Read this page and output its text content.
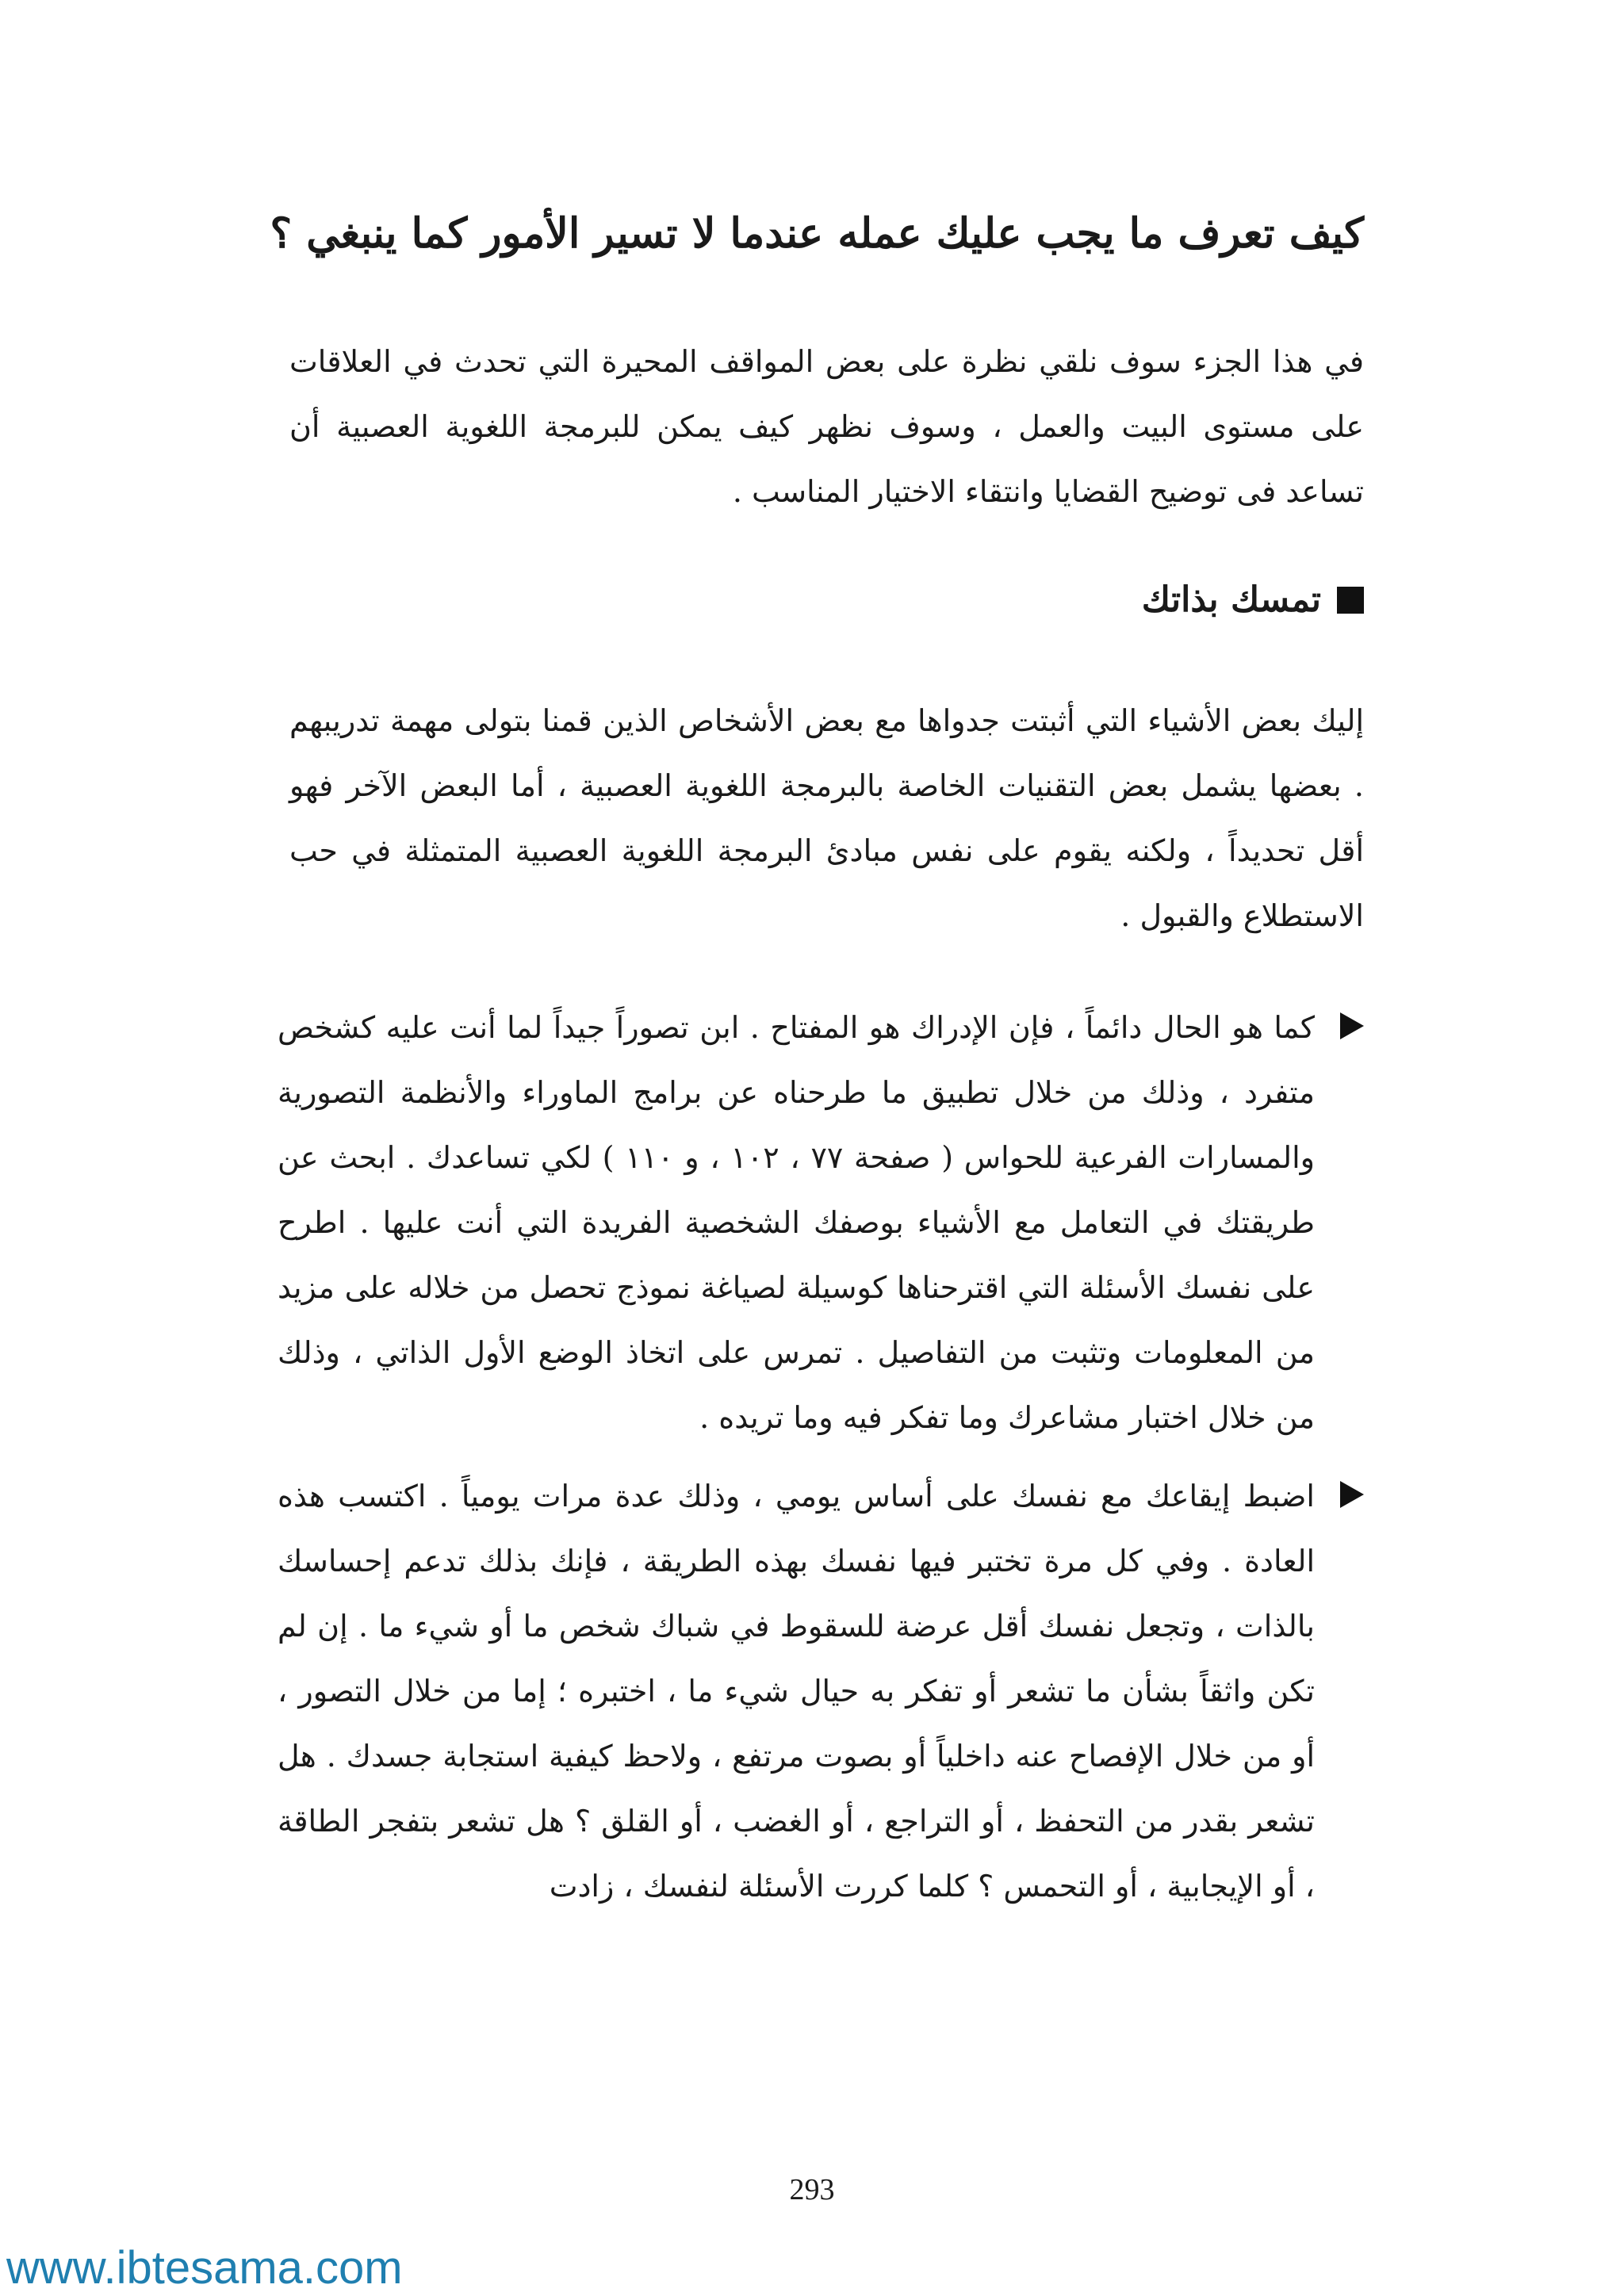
كيف تعرف ما يجب عليك عمله عندما لا تسير الأمور كما ينبغي ؟
في هذا الجزء سوف نلقي نظرة على بعض المواقف المحيرة التي تحدث في العلاقات على مستوى البيت والعمل ، وسوف نظهر كيف يمكن للبرمجة اللغوية العصبية أن تساعد فى توضيح القضايا وانتقاء الاختيار المناسب .
تمسك بذاتك
إليك بعض الأشياء التي أثبتت جدواها مع بعض الأشخاص الذين قمنا بتولى مهمة تدريبهم . بعضها يشمل بعض التقنيات الخاصة بالبرمجة اللغوية العصبية ، أما البعض الآخر فهو أقل تحديداً ، ولكنه يقوم على نفس مبادئ البرمجة اللغوية العصبية المتمثلة في حب الاستطلاع والقبول .
كما هو الحال دائماً ، فإن الإدراك هو المفتاح . ابن تصوراً جيداً لما أنت عليه كشخص متفرد ، وذلك من خلال تطبيق ما طرحناه عن برامج الماوراء والأنظمة التصورية والمسارات الفرعية للحواس ( صفحة ٧٧ ، ١٠٢ ، و ١١٠ ) لكي تساعدك . ابحث عن طريقتك في التعامل مع الأشياء بوصفك الشخصية الفريدة التي أنت عليها . اطرح على نفسك الأسئلة التي اقترحناها كوسيلة لصياغة نموذج تحصل من خلاله على مزيد من المعلومات وتثبت من التفاصيل . تمرس على اتخاذ الوضع الأول الذاتي ، وذلك من خلال اختبار مشاعرك وما تفكر فيه وما تريده .
اضبط إيقاعك مع نفسك على أساس يومي ، وذلك عدة مرات يومياً . اكتسب هذه العادة . وفي كل مرة تختبر فيها نفسك بهذه الطريقة ، فإنك بذلك تدعم إحساسك بالذات ، وتجعل نفسك أقل عرضة للسقوط في شباك شخص ما أو شيء ما . إن لم تكن واثقاً بشأن ما تشعر أو تفكر به حيال شيء ما ، اختبره ؛ إما من خلال التصور ، أو من خلال الإفصاح عنه داخلياً أو بصوت مرتفع ، ولاحظ كيفية استجابة جسدك . هل تشعر بقدر من التحفظ ، أو التراجع ، أو الغضب ، أو القلق ؟ هل تشعر بتفجر الطاقة ، أو الإيجابية ، أو التحمس ؟ كلما كررت الأسئلة لنفسك ، زادت
293
www.ibtesama.com
